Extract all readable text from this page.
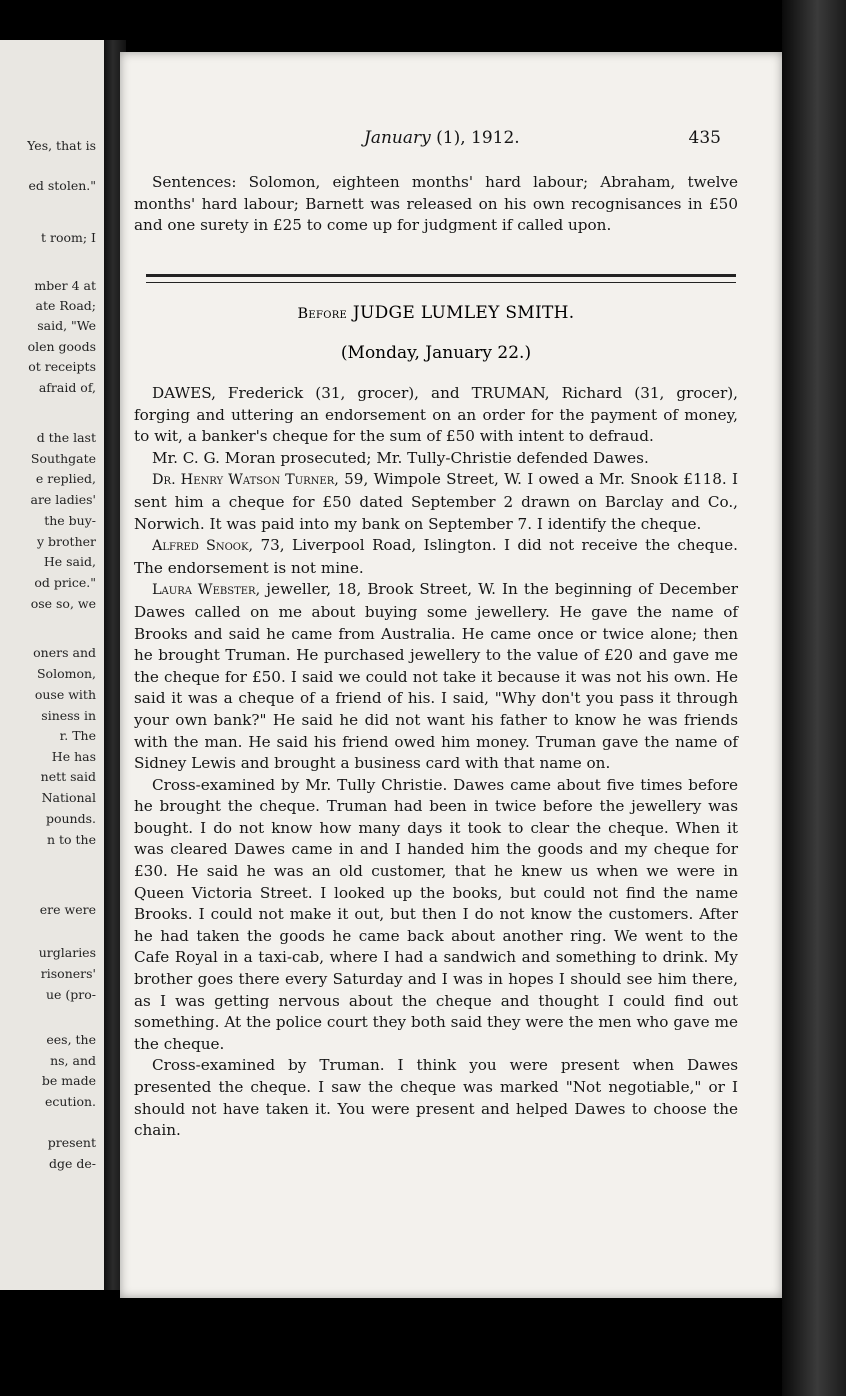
Yes, that is
ed stolen."
t room; I
mber 4 at
ate Road;
said, "We
olen goods
ot receipts
afraid of,
d the last
Southgate
e replied,
are ladies'
the buy-
y brother
He said,
od price."
ose so, we
oners and
Solomon,
ouse with
siness in
r. The
He has
nett said
National
pounds.
n to the
ere were
urglaries
risoners'
ue (pro-
ees, the
ns, and
be made
ecution.
present
dge de-
January (1), 1912.	435
Sentences: Solomon, eighteen months' hard labour; Abraham, twelve months' hard labour; Barnett was released on his own recognisances in £50 and one surety in £25 to come up for judgment if called upon.
Before JUDGE LUMLEY SMITH.
(Monday, January 22.)
DAWES, Frederick (31, grocer), and TRUMAN, Richard (31, grocer), forging and uttering an endorsement on an order for the payment of money, to wit, a banker's cheque for the sum of £50 with intent to defraud.
Mr. C. G. Moran prosecuted; Mr. Tully-Christie defended Dawes.
Dr. Henry Watson Turner, 59, Wimpole Street, W. I owed a Mr. Snook £118. I sent him a cheque for £50 dated September 2 drawn on Barclay and Co., Norwich. It was paid into my bank on September 7. I identify the cheque.
Alfred Snook, 73, Liverpool Road, Islington. I did not receive the cheque. The endorsement is not mine.
Laura Webster, jeweller, 18, Brook Street, W. In the beginning of December Dawes called on me about buying some jewellery. He gave the name of Brooks and said he came from Australia. He came once or twice alone; then he brought Truman. He purchased jewellery to the value of £20 and gave me the cheque for £50. I said we could not take it because it was not his own. He said it was a cheque of a friend of his. I said, "Why don't you pass it through your own bank?" He said he did not want his father to know he was friends with the man. He said his friend owed him money. Truman gave the name of Sidney Lewis and brought a business card with that name on.
Cross-examined by Mr. Tully Christie. Dawes came about five times before he brought the cheque. Truman had been in twice before the jewellery was bought. I do not know how many days it took to clear the cheque. When it was cleared Dawes came in and I handed him the goods and my cheque for £30. He said he was an old customer, that he knew us when we were in Queen Victoria Street. I looked up the books, but could not find the name Brooks. I could not make it out, but then I do not know the customers. After he had taken the goods he came back about another ring. We went to the Cafe Royal in a taxi-cab, where I had a sandwich and something to drink. My brother goes there every Saturday and I was in hopes I should see him there, as I was getting nervous about the cheque and thought I could find out something. At the police court they both said they were the men who gave me the cheque.
Cross-examined by Truman. I think you were present when Dawes presented the cheque. I saw the cheque was marked "Not negotiable," or I should not have taken it. You were present and helped Dawes to choose the chain.
